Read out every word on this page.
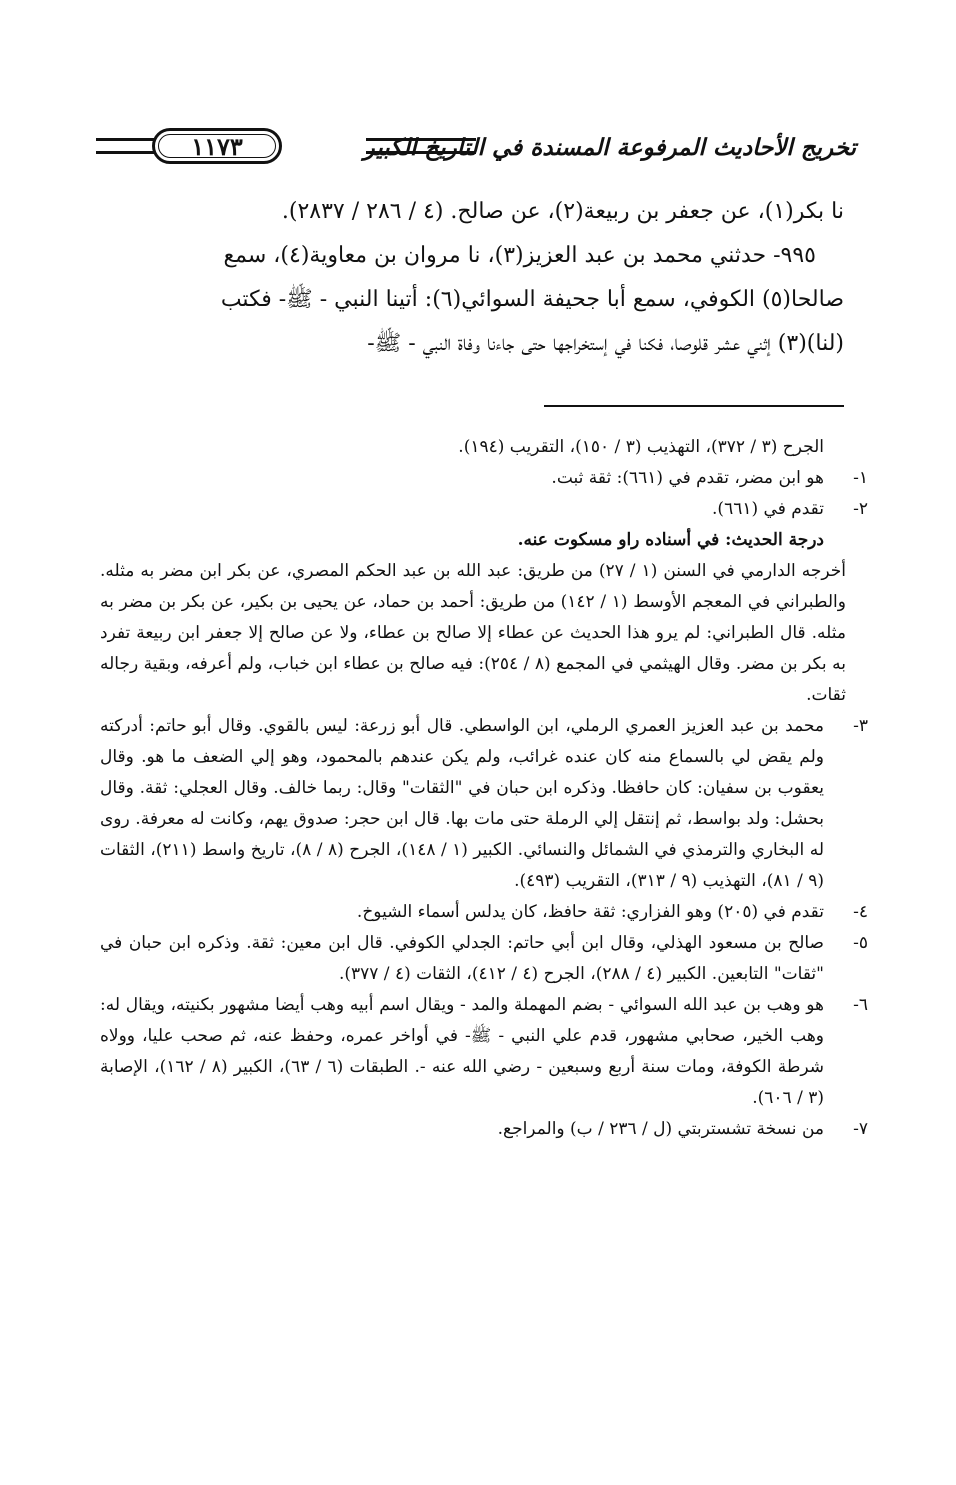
تخريج الأحاديث المرفوعة المسندة في التاريخ الكبير
١١٧٣

نا بكر(١)، عن جعفر بن ربيعة(٢)، عن صالح. (٤ / ٢٨٦ / ٢٨٣٧).

٩٩٥- حدثني محمد بن عبد العزيز(٣)، نا مروان بن معاوية(٤)، سمع

صالحا(٥) الكوفي، سمع أبا جحيفة السوائي(٦): أتينا النبي - ﷺ- فكتب

(لنا)(٣) إثني عشر قلوصا، فكنا في إستخراجها حتى جاءنا وفاة النبي - ﷺ-

الجرح (٣ / ٣٧٢)، التهذيب (٣ / ١٥٠)، التقريب (١٩٤).

١-هو ابن مضر، تقدم في (٦٦١): ثقة ثبت.

٢-تقدم في (٦٦١).

درجة الحديث: في أسناده راو مسكوت عنه.

أخرجه الدارمي في السنن (١ / ٢٧) من طريق: عبد الله بن عبد الحكم المصري، عن بكر ابن مضر به مثله. والطبراني في المعجم الأوسط (١ / ١٤٢) من طريق: أحمد بن حماد، عن يحيى بن بكير، عن بكر بن مضر به مثله. قال الطبراني: لم يرو هذا الحديث عن عطاء إلا صالح بن عطاء، ولا عن صالح إلا جعفر ابن ربيعة تفرد به بكر بن مضر. وقال الهيثمي في المجمع (٨ / ٢٥٤): فيه صالح بن عطاء ابن خباب، ولم أعرفه، وبقية رجاله ثقات.

٣-محمد بن عبد العزيز العمري الرملي، ابن الواسطي. قال أبو زرعة: ليس بالقوي. وقال أبو حاتم: أدركته ولم يقض لي بالسماع منه كان عنده غرائب، ولم يكن عندهم بالمحمود، وهو إلي الضعف ما هو. وقال يعقوب بن سفيان: كان حافظا. وذكره ابن حبان في "الثقات" وقال: ربما خالف. وقال العجلي: ثقة. وقال بحشل: ولد بواسط، ثم إنتقل إلي الرملة حتى مات بها. قال ابن حجر: صدوق يهم، وكانت له معرفة. روى له البخاري والترمذي في الشمائل والنسائي. الكبير (١ / ١٤٨)، الجرح (٨ / ٨)، تاريخ واسط (٢١١)، الثقات (٩ / ٨١)، التهذيب (٩ / ٣١٣)، التقريب (٤٩٣).

٤-تقدم في (٢٠٥) وهو الفزاري: ثقة حافظ، كان يدلس أسماء الشيوخ.

٥-صالح بن مسعود الهذلي، وقال ابن أبي حاتم: الجدلي الكوفي. قال ابن معين: ثقة. وذكره ابن حبان في "ثقات" التابعين. الكبير (٤ / ٢٨٨)، الجرح (٤ / ٤١٢)، الثقات (٤ / ٣٧٧).

٦-هو وهب بن عبد الله السوائي - بضم المهملة والمد - ويقال اسم أبيه وهب أيضا مشهور بكنيته، ويقال له: وهب الخير، صحابي مشهور، قدم علي النبي - ﷺ- في أواخر عمره، وحفظ عنه، ثم صحب عليا، وولاه شرطة الكوفة، ومات سنة أربع وسبعين - رضي الله عنه -. الطبقات (٦ / ٦٣)، الكبير (٨ / ١٦٢)، الإصابة (٣ / ٦٠٦).

٧-من نسخة تشستربتي (ل / ٢٣٦ / ب) والمراجع.
